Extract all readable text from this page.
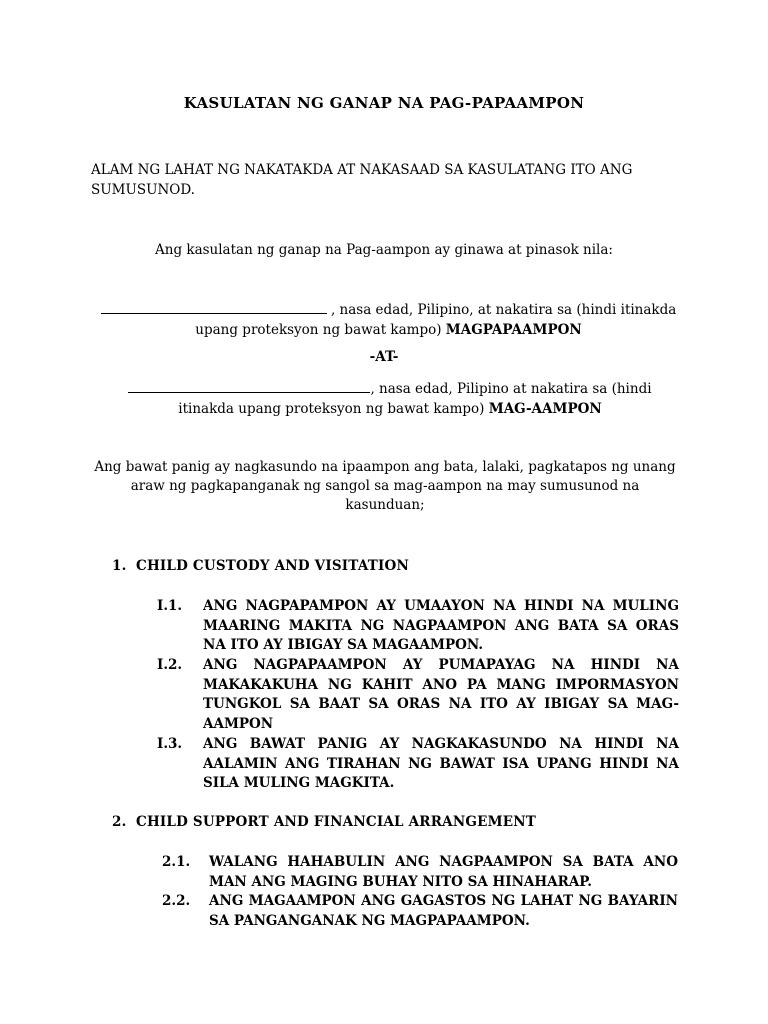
KASULATAN NG GANAP NA PAG-PAPAAMPON
ALAM NG LAHAT NG NAKATAKDA AT NAKASAAD SA KASULATANG ITO ANG SUMUSUNOD.
Ang kasulatan ng ganap na Pag-aampon ay ginawa at pinasok nila:
, nasa edad, Pilipino, at nakatira sa (hindi itinakda upang proteksyon ng bawat kampo) MAGPAPAAMPON
-AT-
, nasa edad, Pilipino at nakatira sa (hindi itinakda upang proteksyon ng bawat kampo) MAG-AAMPON
Ang bawat panig ay nagkasundo na ipaampon ang bata, lalaki, pagkatapos ng unang araw ng pagkapanganak ng sangol sa mag-aampon na may sumusunod na kasunduan;
1. CHILD CUSTODY AND VISITATION
I.1. ANG NAGPAPAMPON AY UMAAYON NA HINDI NA MULING MAARING MAKITA NG NAGPAAMPON ANG BATA SA ORAS NA ITO AY IBIGAY SA MAGAAMPON.
I.2. ANG NAGPAPAAMPON AY PUMAPAYAG NA HINDI NA MAKAKAKUHA NG KAHIT ANO PA MANG IMPORMASYON TUNGKOL SA BAAT SA ORAS NA ITO AY IBIGAY SA MAG-AAMPON
I.3. ANG BAWAT PANIG AY NAGKAKASUNDO NA HINDI NA AALAMIN ANG TIRAHAN NG BAWAT ISA UPANG HINDI NA SILA MULING MAGKITA.
2. CHILD SUPPORT AND FINANCIAL ARRANGEMENT
2.1. WALANG HAHABULIN ANG NAGPAAMPON SA BATA ANO MAN ANG MAGING BUHAY NITO SA HINAHARAP.
2.2. ANG MAGAAMPON ANG GAGASTOS NG LAHAT NG BAYARIN SA PANGANGANAK NG MAGPAPAAMPON.
